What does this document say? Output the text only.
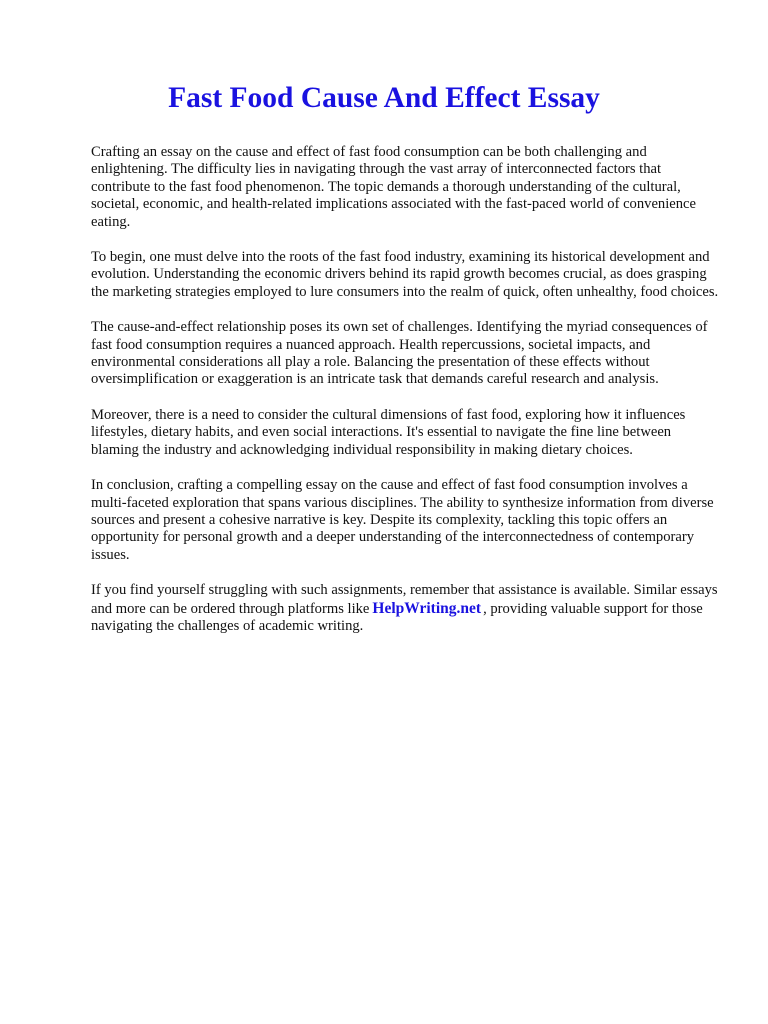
Fast Food Cause And Effect Essay

Crafting an essay on the cause and effect of fast food consumption can be both challenging and enlightening. The difficulty lies in navigating through the vast array of interconnected factors that contribute to the fast food phenomenon. The topic demands a thorough understanding of the cultural, societal, economic, and health-related implications associated with the fast-paced world of convenience eating.

To begin, one must delve into the roots of the fast food industry, examining its historical development and evolution. Understanding the economic drivers behind its rapid growth becomes crucial, as does grasping the marketing strategies employed to lure consumers into the realm of quick, often unhealthy, food choices.

The cause-and-effect relationship poses its own set of challenges. Identifying the myriad consequences of fast food consumption requires a nuanced approach. Health repercussions, societal impacts, and environmental considerations all play a role. Balancing the presentation of these effects without oversimplification or exaggeration is an intricate task that demands careful research and analysis.

Moreover, there is a need to consider the cultural dimensions of fast food, exploring how it influences lifestyles, dietary habits, and even social interactions. It's essential to navigate the fine line between blaming the industry and acknowledging individual responsibility in making dietary choices.

In conclusion, crafting a compelling essay on the cause and effect of fast food consumption involves a multi-faceted exploration that spans various disciplines. The ability to synthesize information from diverse sources and present a cohesive narrative is key. Despite its complexity, tackling this topic offers an opportunity for personal growth and a deeper understanding of the interconnectedness of contemporary issues.

If you find yourself struggling with such assignments, remember that assistance is available. Similar essays and more can be ordered through platforms like HelpWriting.net , providing valuable support for those navigating the challenges of academic writing.
